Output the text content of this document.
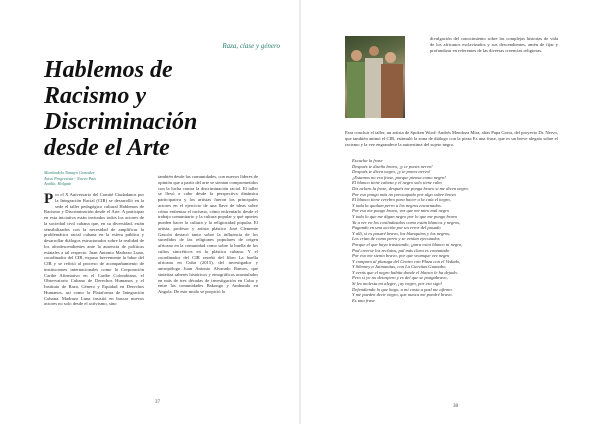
Raza, clase y género
Hablemos de
Racismo y
Discriminación
desde el Arte
Maribadela Tamayo González
Aviso Progresista - Nuevo País
Antilla, Holguín
Por el X Aniversario del Comité Ciudadanos por la Integración Racial (CIR) se desarrolló en la sede el taller pedagógico cultural Hablemos de Racismo y Discriminación desde el Arte. A participar en esta iniciativa están invitados todos los actores de la sociedad civil cubana que, en su diversidad, están sensibilizados con la necesidad de amplificar la problemática racial cubana en la esfera pública y desarrollar diálogos estructurados sobre la realidad de los afrodescendientes ante la ausencia de políticas estatales a tal respecto. Juan Antonio Madrazo Luna, coordinador del CIR, expuso brevemente la labor del CIR y se refirió al proceso de acompañamiento de instituciones internacionales como la Corporación Caribe Afirmativo en el Caribe Colombiano, el Observatorio Cubano de Derechos Humanos y el Instituto de Raza, Género y Equidad en Derechos Humanos, así como la Plataforma de Integración Cubana. Madrazo Luna insistió en buscar nuevos actores no solo desde el activismo, sino
también desde las comunidades, con nuevos líderes de opinión que a partir del arte se sientan comprometidos con la lucha contra la discriminación racial. El taller se llevó a cabo desde la perspectiva dinámica participativa y los artistas fueron los principales actores en el ejercicio de una llave de ideas sobre cómo enfrentar el racismo, cómo enfrentarlo desde el trabajo comunitario y la cultura popular y qué aportes pueden hacer la cultura y la religiosidad popular. El artista, profesor y artista plástico José Clemente Gascón destacó tanto sobre la influencia de los sucedidos de las religiones populares de origen africano en la comunidad como sobre la huella de los cultos sincréticos en la plástica cubana. Y el coordinador del CIR reseñó del libro La huella africana en Cuba (2015), del investigador y antropólogo Juan Antonio Alvarado Ramos, que sintetiza saberes históricos y etnográficos acumulados en más de tres décadas de investigación en Cuba y entre las comunidades Bakongo y Ambundo en Angola. De este modo se propició la
37
divulgación del conocimiento sobre las complejas historias de vida de los africanos esclavizados y sus descendientes, amén de fijar y profundizar en referentes de las diversas creencias religiosas.
Para concluir el taller, un artista de Spoken Word: Andrés Mendoza Mira, alias Papa Gorra, del proyecto Dr. Nervo, que también animó el CIR, estimuló la zona de diálogo con la pieza Es una frase, que es un breve alegato sobre el racismo y la vez engrandece la autoestima del sujeto negro.
Escucha la frase
Después te diseño bravo, ¡y te pones nervo!
Después te dicen negro, ¡y te pones nervo!
¿Estamos no era frase, porque piensa como negro!
El blanco tiene cabeza y el negro solo tiene rabo
Dis aclaro la frase, después me ponga bravo si me dicen negro.
Por eso pongo más no preocupado por algo sobre bravo
El blanco tiene cerebro para hacer a la caía el negro,
Y toda la qualum perro a los negros encarnados.
Por eso me pongo bravo, vez que me miro mal negro
Y todo lo que me digan negro por lo que me pongo bravo
Ya a ver en los cosiíndasalos como están blancos y negros,
Pagando en una acción por un error del pasado
Y allí, si es pasaré bravo, los blanquitos y los negros,
Los crían de como perro y se venian ejecutados
Porque el que haya trasteando, ¡para estoi blanco ni negro,
Pod creerse los reclutos, pal más clara es connatado
Por eso me siento bravo, por que veamque vez negro
Y comparo al plazuga del Centro con Plaza con el Vedado,
Y Siboney a Jaimanitas, con La Cuevitas Guanabo.
Y verás que el negro habita donde el blanco le ha dejado.
Pero si yo no desespero y es del que se pongabravo,
Si les molesta mi alegre, ¡ay negro, por eso sigo!
Defendiendo lo que hago, a mi costa a pasl me afirmo.
Y me pueden decir negro, que nunca me pondré bravo.
Es una frase
38
